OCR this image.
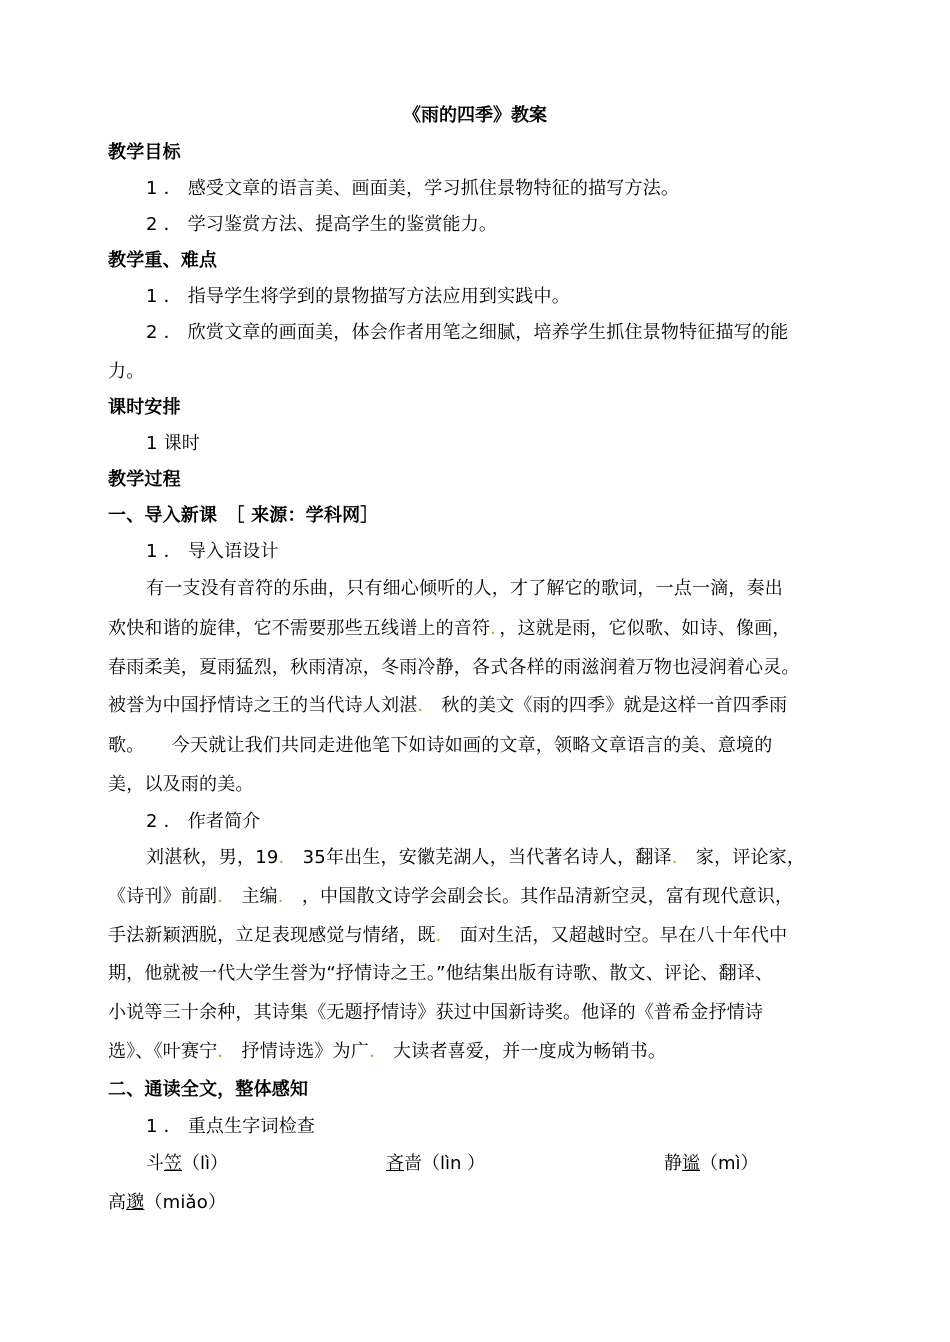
《雨的四季》教案
教学目标
1 ． 感受文章的语言美、画面美，学习抓住景物特征的描写方法。
2 ． 学习鉴赏方法、提高学生的鉴赏能力。
教学重、难点
1 ． 指导学生将学到的景物描写方法应用到实践中。
2 ． 欣赏文章的画面美，体会作者用笔之细腻，培养学生抓住景物特征描写的能
力。
课时安排
1 课时
教学过程
一、导入新课　［ 来源：学科网］
1 ． 导入语设计
有一支没有音符的乐曲，只有细心倾听的人，才了解它的歌词，一点一滴，奏出
欢快和谐的旋律，它不需要那些五线谱上的音符．，这就是雨，它似歌、如诗、像画，
春雨柔美，夏雨猛烈，秋雨清凉，冬雨冷静，各式各样的雨滋润着万物也浸润着心灵。
被誉为中国抒情诗之王的当代诗人刘湛． 秋的美文《雨的四季》就是这样一首四季雨
歌。　　今天就让我们共同走进他笔下如诗如画的文章，领略文章语言的美、意境的
美，以及雨的美。
2 ． 作者简介
刘湛秋，男，19． 35年出生，安徽芜湖人，当代著名诗人，翻译． 家，评论家，
《诗刊》前副． 主编． ，中国散文诗学会副会长。其作品清新空灵，富有现代意识，
手法新颖洒脱，立足表现感觉与情绪，既． 面对生活，又超越时空。早在八十年代中
期，他就被一代大学生誉为“抒情诗之王。”他结集出版有诗歌、散文、评论、翻译、
小说等三十余种，其诗集《无题抒情诗》获过中国新诗奖。他译的《普希金抒情诗
选》、《叶赛宁． 抒情诗选》为广． 大读者喜爱，并一度成为畅销书。
二、通读全文，整体感知
1 ． 重点生字词检查
斗笠（lì）	吝啬（lìn ）	静谧（mì）
高邈（miǎo）
